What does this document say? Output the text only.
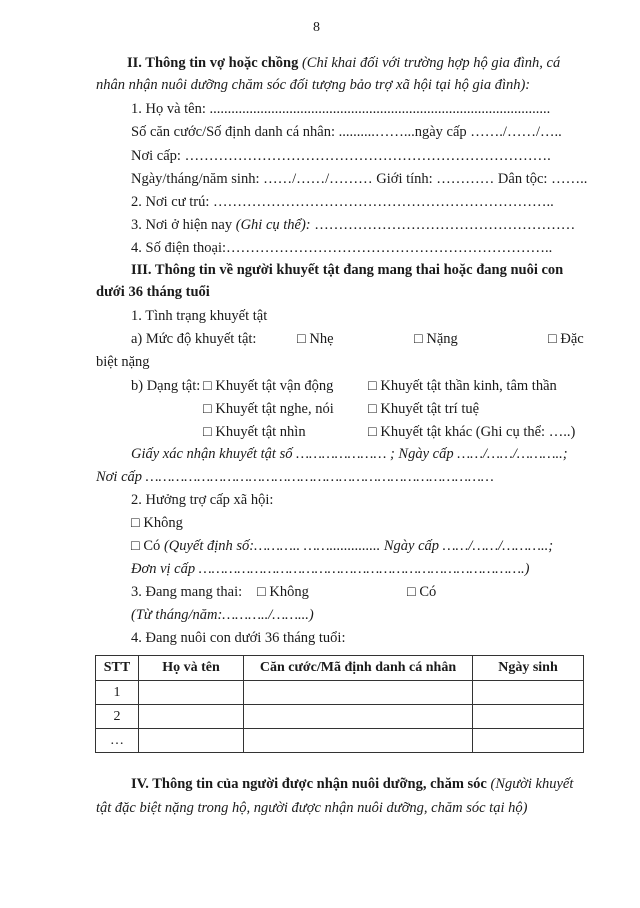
8
II. Thông tin vợ hoặc chồng (Chỉ khai đối với trường hợp hộ gia đình, cá
nhân nhận nuôi dưỡng chăm sóc đối tượng bảo trợ xã hội tại hộ gia đình):
1. Họ và tên: ..............................................................................................
Số căn cước/Số định danh cá nhân: ..........……...ngày cấp ……./……/…..
Nơi cấp: ………………………………………………………………….
Ngày/tháng/năm sinh: ……/……/……… Giới tính: ………… Dân tộc: ……..
2. Nơi cư trú: ……………………………………………………………..
3. Nơi ở hiện nay (Ghi cụ thể): ………………………………………………
4. Số điện thoại:…………………………………………………………..
III. Thông tin về người khuyết tật đang mang thai hoặc đang nuôi con
dưới 36 tháng tuổi
1. Tình trạng khuyết tật
a) Mức độ khuyết tật:	□ Nhẹ	□ Nặng	□ Đặc
biệt nặng
b) Dạng tật: □ Khuyết tật vận động □ Khuyết tật thần kinh, tâm thần
□ Khuyết tật nghe, nói □ Khuyết tật trí tuệ
□ Khuyết tật nhìn	□ Khuyết tật khác (Ghi cụ thể: …..)
Giấy xác nhận khuyết tật số ………………… ; Ngày cấp ……/……/………..;
Nơi cấp ………………………………………………………………………
2. Hưởng trợ cấp xã hội:
□ Không
□ Có (Quyết định số:……….. …….............. Ngày cấp ……/……/………..;
Đơn vị cấp ………………………………………………………………….)
3. Đang mang thai: □ Không	□ Có
(Từ tháng/năm:………../……...)
4. Đang nuôi con dưới 36 tháng tuổi:
STT	Họ và tên	Căn cước/Mã định danh cá nhân	Ngày sinh
1			
2			
…			
IV. Thông tin của người được nhận nuôi dưỡng, chăm sóc (Người khuyết
tật đặc biệt nặng trong hộ, người được nhận nuôi dưỡng, chăm sóc tại hộ)
